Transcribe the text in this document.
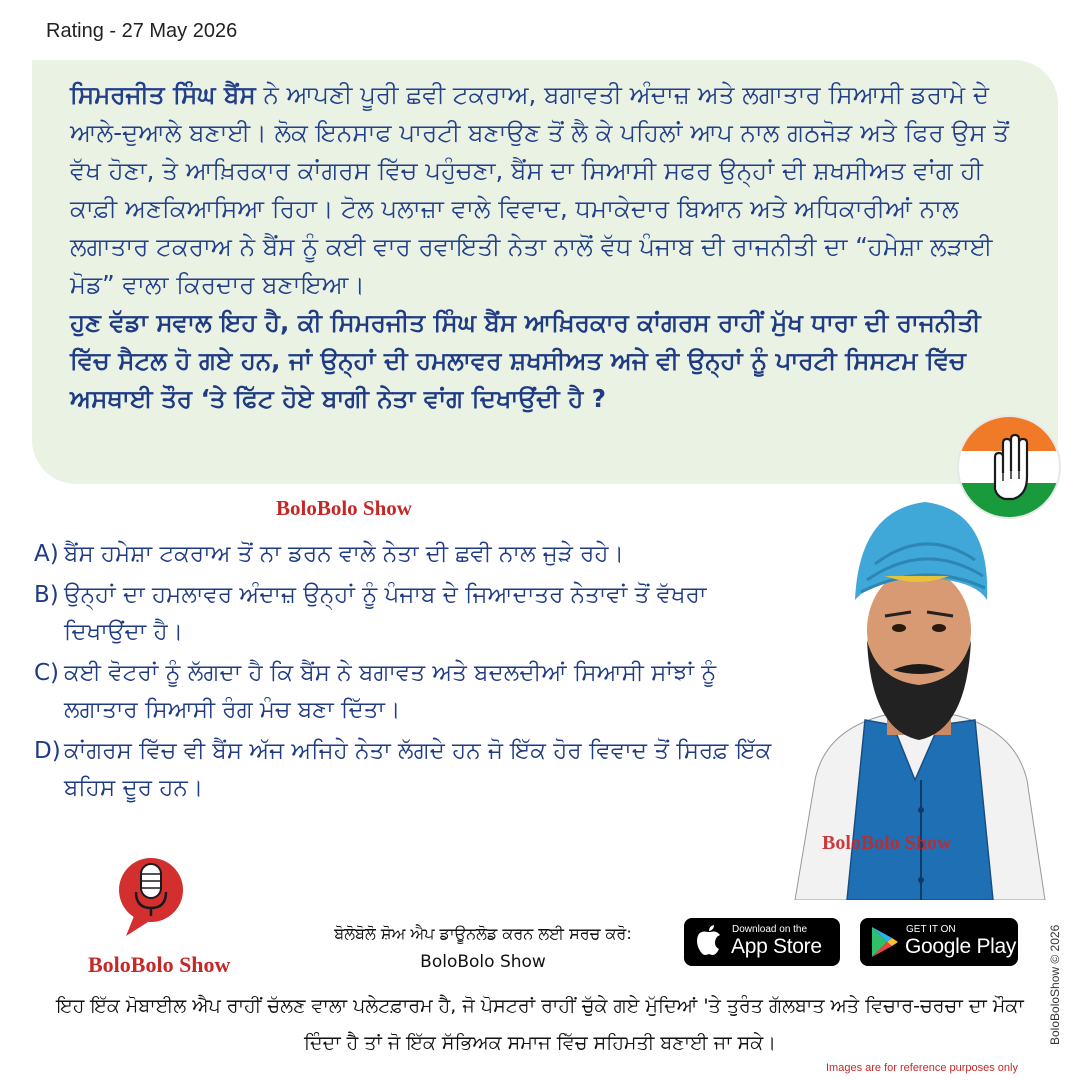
Rating - 27 May 2026

ਸਿਮਰਜੀਤ ਸਿੰਘ ਬੈਂਸ ਨੇ ਆਪਣੀ ਪੂਰੀ ਛਵੀ ਟਕਰਾਅ, ਬਗਾਵਤੀ ਅੰਦਾਜ਼ ਅਤੇ ਲਗਾਤਾਰ ਸਿਆਸੀ ਡਰਾਮੇ ਦੇ ਆਲੇ-ਦੁਆਲੇ ਬਣਾਈ। ਲੋਕ ਇਨਸਾਫ ਪਾਰਟੀ ਬਣਾਉਣ ਤੋਂ ਲੈ ਕੇ ਪਹਿਲਾਂ ਆਪ ਨਾਲ ਗਠਜੋੜ ਅਤੇ ਫਿਰ ਉਸ ਤੋਂ ਵੱਖ ਹੋਣਾ, ਤੇ ਆਖ਼ਿਰਕਾਰ ਕਾਂਗਰਸ ਵਿੱਚ ਪਹੁੰਚਣਾ, ਬੈਂਸ ਦਾ ਸਿਆਸੀ ਸਫਰ ਉਨ੍ਹਾਂ ਦੀ ਸ਼ਖਸੀਅਤ ਵਾਂਗ ਹੀ ਕਾਫ਼ੀ ਅਣਕਿਆਸਿਆ ਰਿਹਾ। ਟੋਲ ਪਲਾਜ਼ਾ ਵਾਲੇ ਵਿਵਾਦ, ਧਮਾਕੇਦਾਰ ਬਿਆਨ ਅਤੇ ਅਧਿਕਾਰੀਆਂ ਨਾਲ ਲਗਾਤਾਰ ਟਕਰਾਅ ਨੇ ਬੈਂਸ ਨੂੰ ਕਈ ਵਾਰ ਰਵਾਇਤੀ ਨੇਤਾ ਨਾਲੋਂ ਵੱਧ ਪੰਜਾਬ ਦੀ ਰਾਜਨੀਤੀ ਦਾ “ਹਮੇਸ਼ਾ ਲੜਾਈ ਮੋਡ” ਵਾਲਾ ਕਿਰਦਾਰ ਬਣਾਇਆ।

ਹੁਣ ਵੱਡਾ ਸਵਾਲ ਇਹ ਹੈ, ਕੀ ਸਿਮਰਜੀਤ ਸਿੰਘ ਬੈਂਸ ਆਖ਼ਿਰਕਾਰ ਕਾਂਗਰਸ ਰਾਹੀਂ ਮੁੱਖ ਧਾਰਾ ਦੀ ਰਾਜਨੀਤੀ ਵਿੱਚ ਸੈਟਲ ਹੋ ਗਏ ਹਨ, ਜਾਂ ਉਨ੍ਹਾਂ ਦੀ ਹਮਲਾਵਰ ਸ਼ਖਸੀਅਤ ਅਜੇ ਵੀ ਉਨ੍ਹਾਂ ਨੂੰ ਪਾਰਟੀ ਸਿਸਟਮ ਵਿੱਚ ਅਸਥਾਈ ਤੌਰ ‘ਤੇ ਫਿੱਟ ਹੋਏ ਬਾਗੀ ਨੇਤਾ ਵਾਂਗ ਦਿਖਾਉਂਦੀ ਹੈ ?

BoloBolo Show
A) ਬੈਂਸ ਹਮੇਸ਼ਾ ਟਕਰਾਅ ਤੋਂ ਨਾ ਡਰਨ ਵਾਲੇ ਨੇਤਾ ਦੀ ਛਵੀ ਨਾਲ ਜੁੜੇ ਰਹੇ।
B) ਉਨ੍ਹਾਂ ਦਾ ਹਮਲਾਵਰ ਅੰਦਾਜ਼ ਉਨ੍ਹਾਂ ਨੂੰ ਪੰਜਾਬ ਦੇ ਜਿਆਦਾਤਰ ਨੇਤਾਵਾਂ ਤੋਂ ਵੱਖਰਾ ਦਿਖਾਉਂਦਾ ਹੈ।
C) ਕਈ ਵੋਟਰਾਂ ਨੂੰ ਲੱਗਦਾ ਹੈ ਕਿ ਬੈਂਸ ਨੇ ਬਗਾਵਤ ਅਤੇ ਬਦਲਦੀਆਂ ਸਿਆਸੀ ਸਾਂਝਾਂ ਨੂੰ ਲਗਾਤਾਰ ਸਿਆਸੀ ਰੰਗ ਮੰਚ ਬਣਾ ਦਿੱਤਾ।
D) ਕਾਂਗਰਸ ਵਿੱਚ ਵੀ ਬੈਂਸ ਅੱਜ ਅਜਿਹੇ ਨੇਤਾ ਲੱਗਦੇ ਹਨ ਜੋ ਇੱਕ ਹੋਰ ਵਿਵਾਦ ਤੋਂ ਸਿਰਫ਼ ਇੱਕ ਬਹਿਸ ਦੂਰ ਹਨ।
BoloBolo Show
BoloBolo Show
ਬੋਲੋਬੋਲੋ ਸ਼ੋਅ ਐਪ ਡਾਊਨਲੋਡ ਕਰਨ ਲਈ ਸਰਚ ਕਰੋ:
BoloBolo Show
Download on the
App Store
GET IT ON
Google Play
ਇਹ ਇੱਕ ਮੋਬਾਈਲ ਐਪ ਰਾਹੀਂ ਚੱਲਣ ਵਾਲਾ ਪਲੇਟਫ਼ਾਰਮ ਹੈ, ਜੋ ਪੋਸਟਰਾਂ ਰਾਹੀਂ ਚੁੱਕੇ ਗਏ ਮੁੱਦਿਆਂ 'ਤੇ ਤੁਰੰਤ ਗੱਲਬਾਤ ਅਤੇ ਵਿਚਾਰ-ਚਰਚਾ ਦਾ ਮੌਕਾ ਦਿੰਦਾ ਹੈ ਤਾਂ ਜੋ ਇੱਕ ਸੱਭਿਅਕ ਸਮਾਜ ਵਿੱਚ ਸਹਿਮਤੀ ਬਣਾਈ ਜਾ ਸਕੇ।	BoloBoloShow © 2026
Images are for reference purposes only
